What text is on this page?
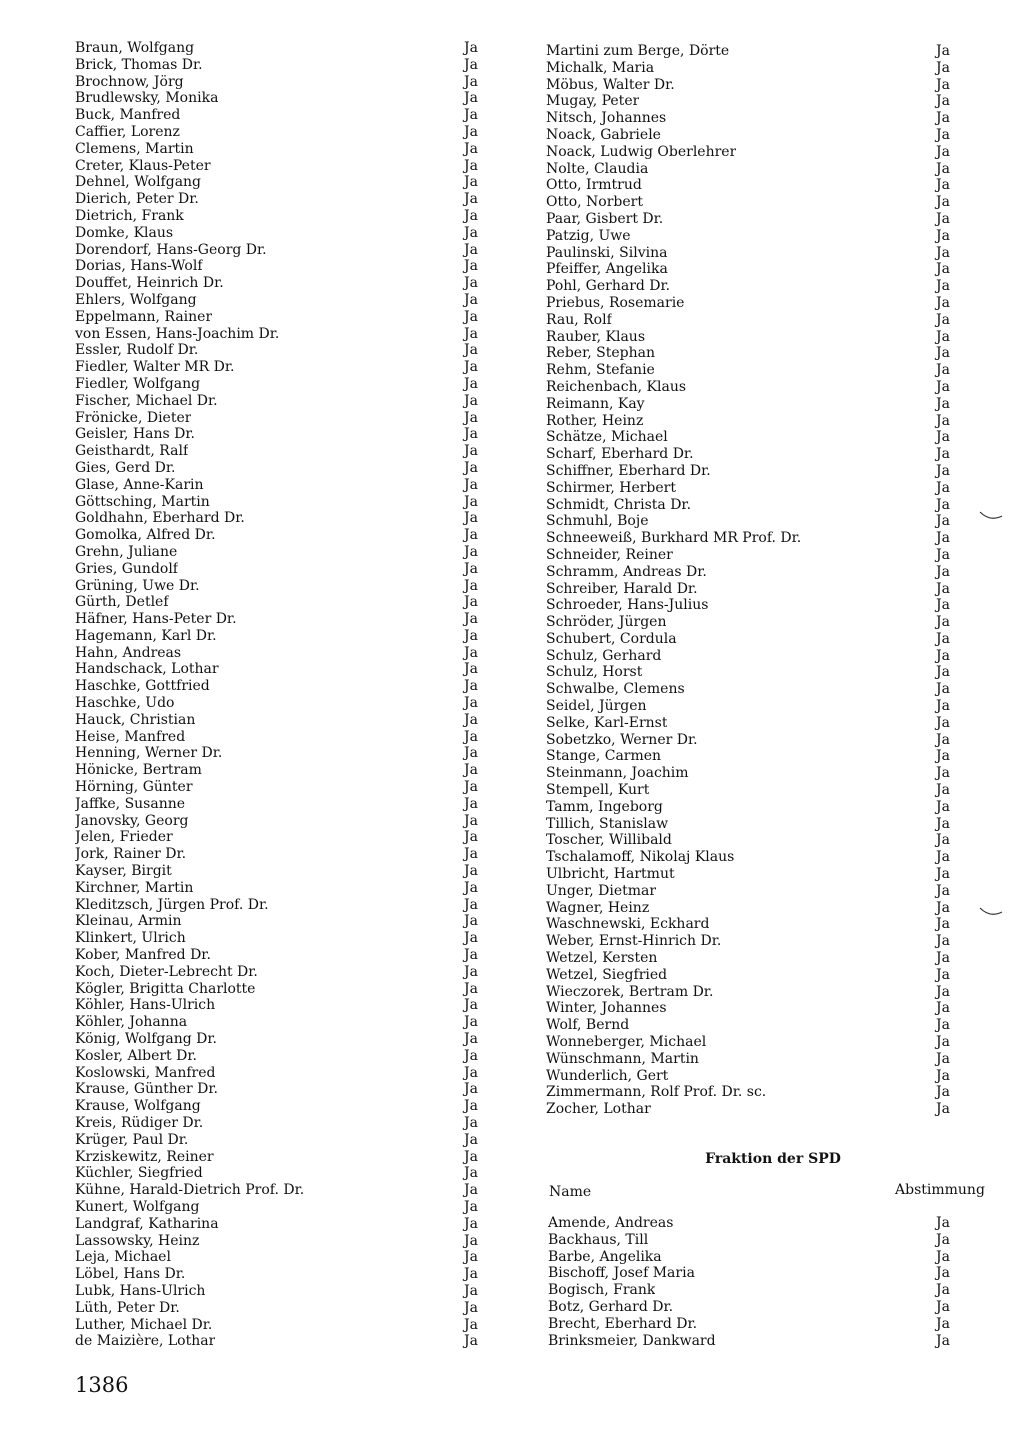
Braun, Wolfgang	Ja
Brick, Thomas Dr.	Ja
Brochnow, Jörg	Ja
Brudlewsky, Monika	Ja
Buck, Manfred	Ja
Caffier, Lorenz	Ja
Clemens, Martin	Ja
Creter, Klaus-Peter	Ja
Dehnel, Wolfgang	Ja
Dierich, Peter Dr.	Ja
Dietrich, Frank	Ja
Domke, Klaus	Ja
Dorendorf, Hans-Georg Dr.	Ja
Dorias, Hans-Wolf	Ja
Douffet, Heinrich Dr.	Ja
Ehlers, Wolfgang	Ja
Eppelmann, Rainer	Ja
von Essen, Hans-Joachim Dr.	Ja
Essler, Rudolf Dr.	Ja
Fiedler, Walter MR Dr.	Ja
Fiedler, Wolfgang	Ja
Fischer, Michael Dr.	Ja
Frönicke, Dieter	Ja
Geisler, Hans Dr.	Ja
Geisthardt, Ralf	Ja
Gies, Gerd Dr.	Ja
Glase, Anne-Karin	Ja
Göttsching, Martin	Ja
Goldhahn, Eberhard Dr.	Ja
Gomolka, Alfred Dr.	Ja
Grehn, Juliane	Ja
Gries, Gundolf	Ja
Grüning, Uwe Dr.	Ja
Gürth, Detlef	Ja
Häfner, Hans-Peter Dr.	Ja
Hagemann, Karl Dr.	Ja
Hahn, Andreas	Ja
Handschack, Lothar	Ja
Haschke, Gottfried	Ja
Haschke, Udo	Ja
Hauck, Christian	Ja
Heise, Manfred	Ja
Henning, Werner Dr.	Ja
Hönicke, Bertram	Ja
Hörning, Günter	Ja
Jaffke, Susanne	Ja
Janovsky, Georg	Ja
Jelen, Frieder	Ja
Jork, Rainer Dr.	Ja
Kayser, Birgit	Ja
Kirchner, Martin	Ja
Kleditzsch, Jürgen Prof. Dr.	Ja
Kleinau, Armin	Ja
Klinkert, Ulrich	Ja
Kober, Manfred Dr.	Ja
Koch, Dieter-Lebrecht Dr.	Ja
Kögler, Brigitta Charlotte	Ja
Köhler, Hans-Ulrich	Ja
Köhler, Johanna	Ja
König, Wolfgang Dr.	Ja
Kosler, Albert Dr.	Ja
Koslowski, Manfred	Ja
Krause, Günther Dr.	Ja
Krause, Wolfgang	Ja
Kreis, Rüdiger Dr.	Ja
Krüger, Paul Dr.	Ja
Krziskewitz, Reiner	Ja
Küchler, Siegfried	Ja
Kühne, Harald-Dietrich Prof. Dr.	Ja
Kunert, Wolfgang	Ja
Landgraf, Katharina	Ja
Lassowsky, Heinz	Ja
Leja, Michael	Ja
Löbel, Hans Dr.	Ja
Lubk, Hans-Ulrich	Ja
Lüth, Peter Dr.	Ja
Luther, Michael Dr.	Ja
de Maizière, Lothar	Ja
Martini zum Berge, Dörte	Ja
Michalk, Maria	Ja
Möbus, Walter Dr.	Ja
Mugay, Peter	Ja
Nitsch, Johannes	Ja
Noack, Gabriele	Ja
Noack, Ludwig Oberlehrer	Ja
Nolte, Claudia	Ja
Otto, Irmtrud	Ja
Otto, Norbert	Ja
Paar, Gisbert Dr.	Ja
Patzig, Uwe	Ja
Paulinski, Silvina	Ja
Pfeiffer, Angelika	Ja
Pohl, Gerhard Dr.	Ja
Priebus, Rosemarie	Ja
Rau, Rolf	Ja
Rauber, Klaus	Ja
Reber, Stephan	Ja
Rehm, Stefanie	Ja
Reichenbach, Klaus	Ja
Reimann, Kay	Ja
Rother, Heinz	Ja
Schätze, Michael	Ja
Scharf, Eberhard Dr.	Ja
Schiffner, Eberhard Dr.	Ja
Schirmer, Herbert	Ja
Schmidt, Christa Dr.	Ja
Schmuhl, Boje	Ja
Schneeweiß, Burkhard MR Prof. Dr.	Ja
Schneider, Reiner	Ja
Schramm, Andreas Dr.	Ja
Schreiber, Harald Dr.	Ja
Schroeder, Hans-Julius	Ja
Schröder, Jürgen	Ja
Schubert, Cordula	Ja
Schulz, Gerhard	Ja
Schulz, Horst	Ja
Schwalbe, Clemens	Ja
Seidel, Jürgen	Ja
Selke, Karl-Ernst	Ja
Sobetzko, Werner Dr.	Ja
Stange, Carmen	Ja
Steinmann, Joachim	Ja
Stempell, Kurt	Ja
Tamm, Ingeborg	Ja
Tillich, Stanislaw	Ja
Toscher, Willibald	Ja
Tschalamoff, Nikolaj Klaus	Ja
Ulbricht, Hartmut	Ja
Unger, Dietmar	Ja
Wagner, Heinz	Ja
Waschnewski, Eckhard	Ja
Weber, Ernst-Hinrich Dr.	Ja
Wetzel, Kersten	Ja
Wetzel, Siegfried	Ja
Wieczorek, Bertram Dr.	Ja
Winter, Johannes	Ja
Wolf, Bernd	Ja
Wonneberger, Michael	Ja
Wünschmann, Martin	Ja
Wunderlich, Gert	Ja
Zimmermann, Rolf Prof. Dr. sc.	Ja
Zocher, Lothar	Ja
Fraktion der SPD
Name	Abstimmung
Amende, Andreas	Ja
Backhaus, Till	Ja
Barbe, Angelika	Ja
Bischoff, Josef Maria	Ja
Bogisch, Frank	Ja
Botz, Gerhard Dr.	Ja
Brecht, Eberhard Dr.	Ja
Brinksmeier, Dankward	Ja
1386
